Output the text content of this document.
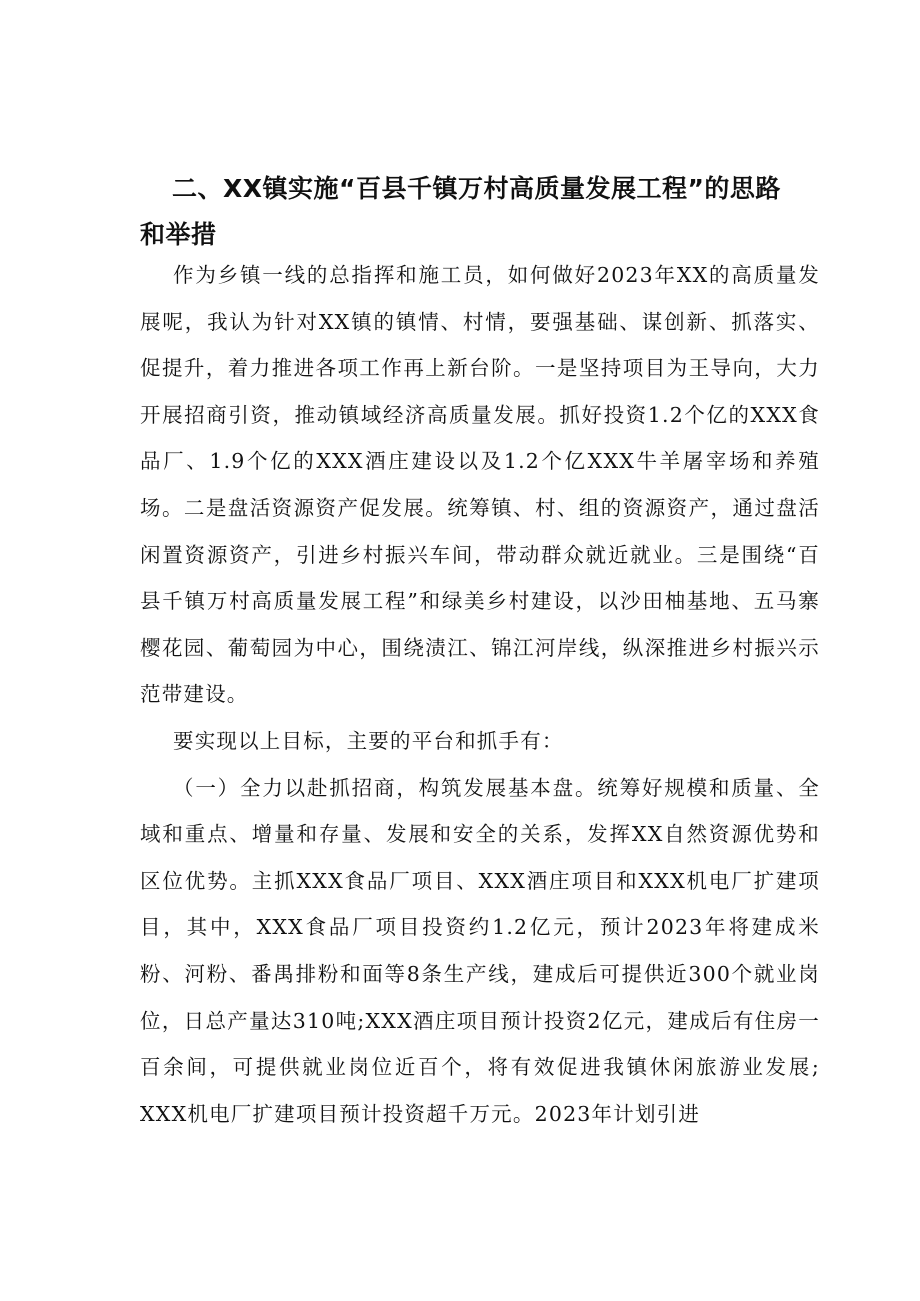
二、XX镇实施“百县千镇万村高质量发展工程”的思路和举措

作为乡镇一线的总指挥和施工员，如何做好2023年XX的高质量发展呢，我认为针对XX镇的镇情、村情，要强基础、谋创新、抓落实、促提升，着力推进各项工作再上新台阶。一是坚持项目为王导向，大力开展招商引资，推动镇域经济高质量发展。抓好投资1.2个亿的XXX食品厂、1.9个亿的XXX酒庄建设以及1.2个亿XXX牛羊屠宰场和养殖场。二是盘活资源资产促发展。统筹镇、村、组的资源资产，通过盘活闲置资源资产，引进乡村振兴车间，带动群众就近就业。三是围绕“百县千镇万村高质量发展工程”和绿美乡村建设，以沙田柚基地、五马寨樱花园、葡萄园为中心，围绕渍江、锦江河岸线，纵深推进乡村振兴示范带建设。

要实现以上目标，主要的平台和抓手有：

（一）全力以赴抓招商，构筑发展基本盘。统筹好规模和质量、全域和重点、增量和存量、发展和安全的关系，发挥XX自然资源优势和区位优势。主抓XXX食品厂项目、XXX酒庄项目和XXX机电厂扩建项目，其中，XXX食品厂项目投资约1.2亿元，预计2023年将建成米粉、河粉、番禺排粉和面等8条生产线，建成后可提供近300个就业岗位，日总产量达310吨;XXX酒庄项目预计投资2亿元，建成后有住房一百余间，可提供就业岗位近百个，将有效促进我镇休闲旅游业发展; XXX机电厂扩建项目预计投资超千万元。2023年计划引进
